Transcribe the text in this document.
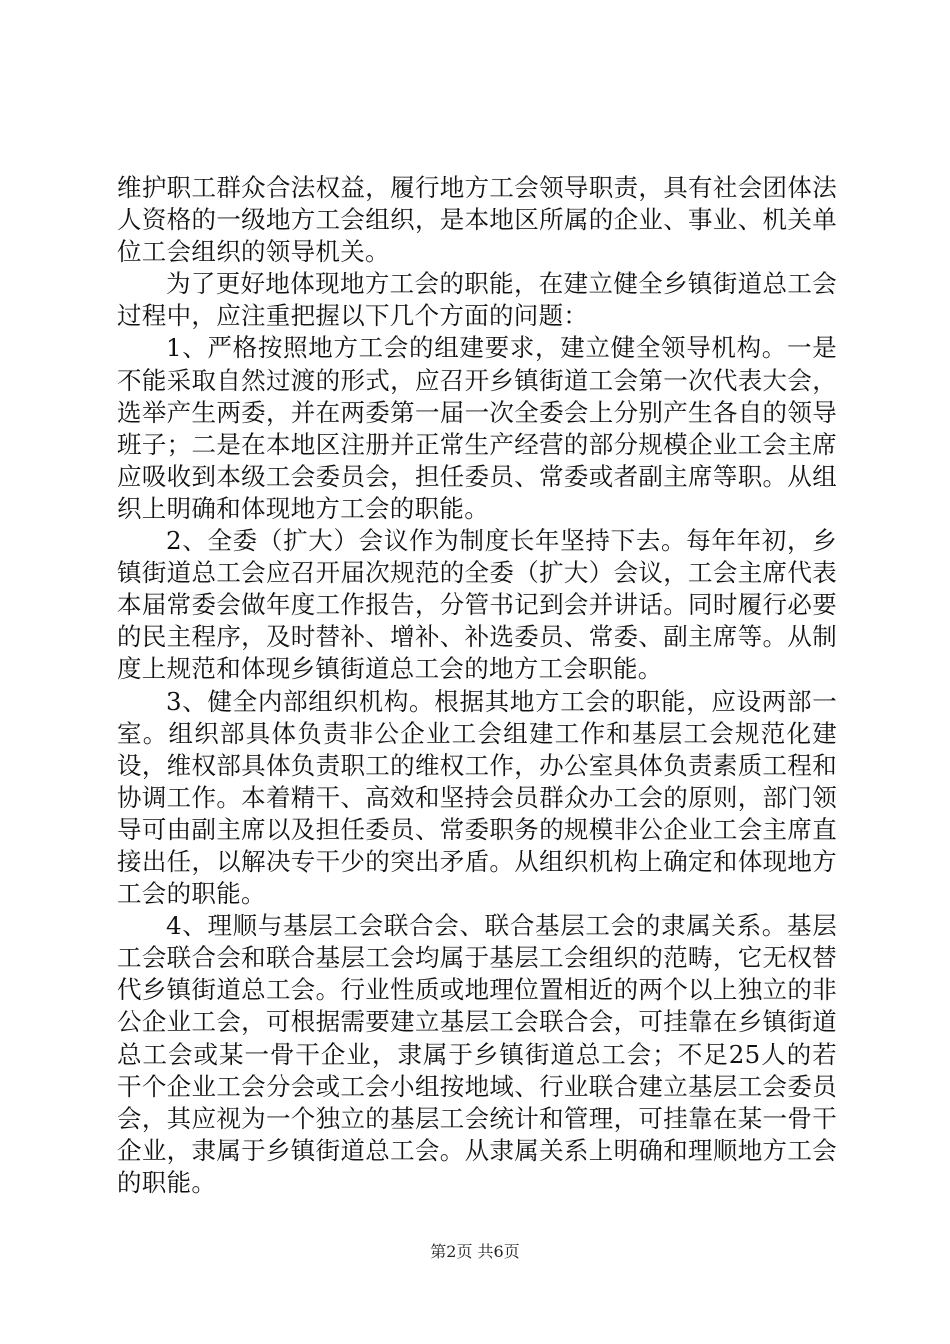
维护职工群众合法权益，履行地方工会领导职责，具有社会团体法人资格的一级地方工会组织，是本地区所属的企业、事业、机关单位工会组织的领导机关。

为了更好地体现地方工会的职能，在建立健全乡镇街道总工会过程中，应注重把握以下几个方面的问题：

1、严格按照地方工会的组建要求，建立健全领导机构。一是不能采取自然过渡的形式，应召开乡镇街道工会第一次代表大会，选举产生两委，并在两委第一届一次全委会上分别产生各自的领导班子；二是在本地区注册并正常生产经营的部分规模企业工会主席应吸收到本级工会委员会，担任委员、常委或者副主席等职。从组织上明确和体现地方工会的职能。

2、全委（扩大）会议作为制度长年坚持下去。每年年初，乡镇街道总工会应召开届次规范的全委（扩大）会议，工会主席代表本届常委会做年度工作报告，分管书记到会并讲话。同时履行必要的民主程序，及时替补、增补、补选委员、常委、副主席等。从制度上规范和体现乡镇街道总工会的地方工会职能。

3、健全内部组织机构。根据其地方工会的职能，应设两部一室。组织部具体负责非公企业工会组建工作和基层工会规范化建设，维权部具体负责职工的维权工作，办公室具体负责素质工程和协调工作。本着精干、高效和坚持会员群众办工会的原则，部门领导可由副主席以及担任委员、常委职务的规模非公企业工会主席直接出任，以解决专干少的突出矛盾。从组织机构上确定和体现地方工会的职能。

4、理顺与基层工会联合会、联合基层工会的隶属关系。基层工会联合会和联合基层工会均属于基层工会组织的范畴，它无权替代乡镇街道总工会。行业性质或地理位置相近的两个以上独立的非公企业工会，可根据需要建立基层工会联合会，可挂靠在乡镇街道总工会或某一骨干企业，隶属于乡镇街道总工会；不足25人的若干个企业工会分会或工会小组按地域、行业联合建立基层工会委员会，其应视为一个独立的基层工会统计和管理，可挂靠在某一骨干企业，隶属于乡镇街道总工会。从隶属关系上明确和理顺地方工会的职能。

第2页 共6页
